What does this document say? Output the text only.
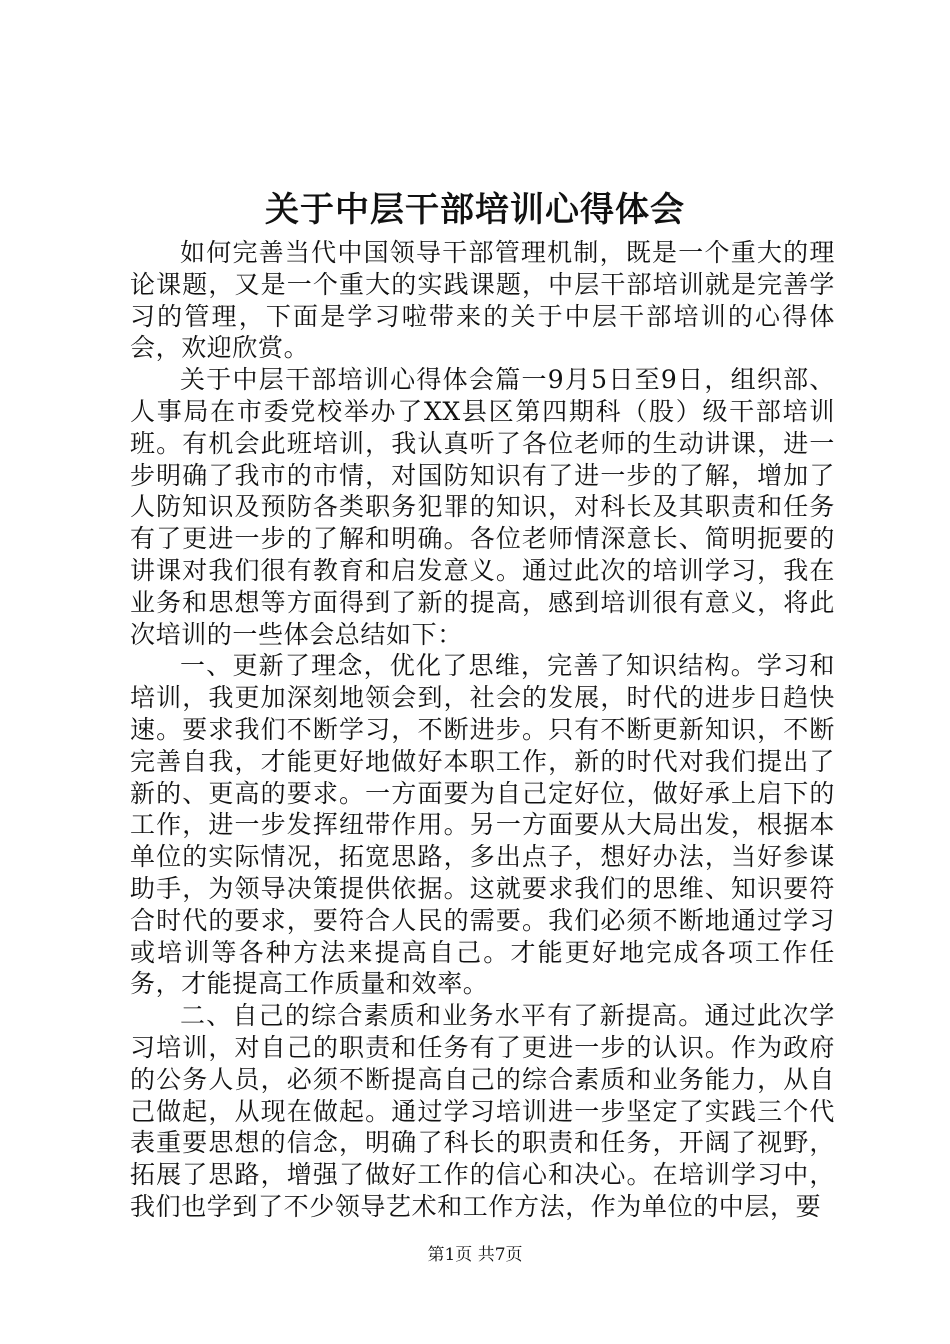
关于中层干部培训心得体会

如何完善当代中国领导干部管理机制，既是一个重大的理论课题，又是一个重大的实践课题，中层干部培训就是完善学习的管理，下面是学习啦带来的关于中层干部培训的心得体会，欢迎欣赏。

关于中层干部培训心得体会篇一9月5日至9日，组织部、人事局在市委党校举办了XX县区第四期科（股）级干部培训班。有机会此班培训，我认真听了各位老师的生动讲课，进一步明确了我市的市情，对国防知识有了进一步的了解，增加了人防知识及预防各类职务犯罪的知识，对科长及其职责和任务有了更进一步的了解和明确。各位老师情深意长、简明扼要的讲课对我们很有教育和启发意义。通过此次的培训学习，我在业务和思想等方面得到了新的提高，感到培训很有意义，将此次培训的一些体会总结如下：

一、更新了理念，优化了思维，完善了知识结构。学习和培训，我更加深刻地领会到，社会的发展，时代的进步日趋快速。要求我们不断学习，不断进步。只有不断更新知识，不断完善自我，才能更好地做好本职工作，新的时代对我们提出了新的、更高的要求。一方面要为自己定好位，做好承上启下的工作，进一步发挥纽带作用。另一方面要从大局出发，根据本单位的实际情况，拓宽思路，多出点子，想好办法，当好参谋助手，为领导决策提供依据。这就要求我们的思维、知识要符合时代的要求，要符合人民的需要。我们必须不断地通过学习或培训等各种方法来提高自己。才能更好地完成各项工作任务，才能提高工作质量和效率。

二、自己的综合素质和业务水平有了新提高。通过此次学习培训，对自己的职责和任务有了更进一步的认识。作为政府的公务人员，必须不断提高自己的综合素质和业务能力，从自己做起，从现在做起。通过学习培训进一步坚定了实践三个代表重要思想的信念，明确了科长的职责和任务，开阔了视野，拓展了思路，增强了做好工作的信心和决心。在培训学习中，我们也学到了不少领导艺术和工作方法，作为单位的中层，要

第1页 共7页
